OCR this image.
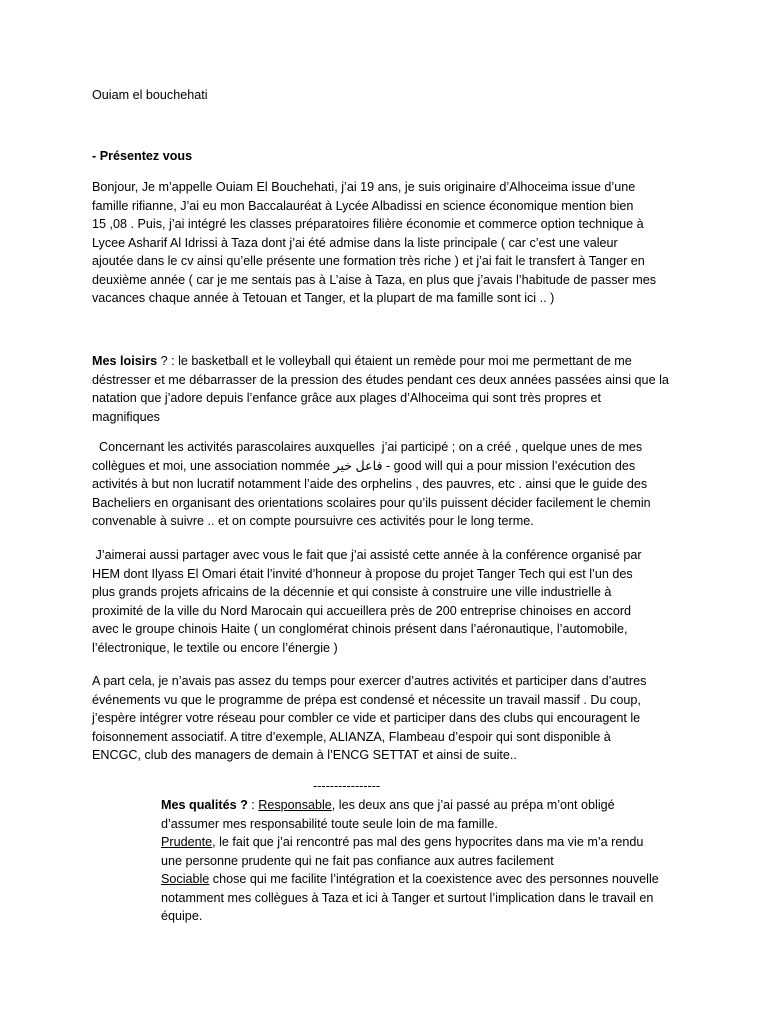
Ouiam el bouchehati
- Présentez vous
Bonjour, Je m’appelle Ouiam El Bouchehati, j’ai 19 ans, je suis originaire d’Alhoceima issue d’une
famille rifianne, J’ai eu mon Baccalauréat à Lycée Albadissi en science économique mention bien
15 ,08 . Puis, j’ai intégré les classes préparatoires filière économie et commerce option technique à
Lycee Asharif Al Idrissi à Taza dont j’ai été admise dans la liste principale ( car c’est une valeur
ajoutée dans le cv ainsi qu’elle présente une formation très riche ) et j’ai fait le transfert à Tanger en
deuxième année ( car je me sentais pas à L’aise à Taza, en plus que j’avais l’habitude de passer mes
vacances chaque année à Tetouan et Tanger, et la plupart de ma famille sont ici .. )
Mes loisirs ? : le basketball et le volleyball qui étaient un remède pour moi me permettant de me
déstresser et me débarrasser de la pression des études pendant ces deux années passées ainsi que la
natation que j’adore depuis l’enfance grâce aux plages d’Alhoceima qui sont très propres et
magnifiques
Concernant les activités parascolaires auxquelles  j’ai participé ; on a créé , quelque unes de mes
collègues et moi, une association nommée فاعل خير - good will qui a pour mission l’exécution des
activités à but non lucratif notamment l’aide des orphelins , des pauvres, etc . ainsi que le guide des
Bacheliers en organisant des orientations scolaires pour qu’ils puissent décider facilement le chemin
convenable à suivre .. et on compte poursuivre ces activités pour le long terme.
J’aimerai aussi partager avec vous le fait que j’ai assisté cette année à la conférence organisé par
HEM dont Ilyass El Omari était l’invité d’honneur à propose du projet Tanger Tech qui est l’un des
plus grands projets africains de la décennie et qui consiste à construire une ville industrielle à
proximité de la ville du Nord Marocain qui accueillera près de 200 entreprise chinoises en accord
avec le groupe chinois Haite ( un conglomérat chinois présent dans l’aéronautique, l’automobile,
l’électronique, le textile ou encore l’énergie )
A part cela, je n’avais pas assez du temps pour exercer d’autres activités et participer dans d’autres
événements vu que le programme de prépa est condensé et nécessite un travail massif . Du coup,
j’espère intégrer votre réseau pour combler ce vide et participer dans des clubs qui encouragent le
foisonnement associatif. A titre d’exemple, ALIANZA, Flambeau d’espoir qui sont disponible à
ENCGC, club des managers de demain à l’ENCG SETTAT et ainsi de suite..
----------------
Mes qualités ? : Responsable, les deux ans que j’ai passé au prépa m’ont obligé
d’assumer mes responsabilité toute seule loin de ma famille.
Prudente, le fait que j’ai rencontré pas mal des gens hypocrites dans ma vie m’a rendu
une personne prudente qui ne fait pas confiance aux autres facilement
Sociable chose qui me facilite l’intégration et la coexistence avec des personnes nouvelle
notamment mes collègues à Taza et ici à Tanger et surtout l’implication dans le travail en
équipe.
